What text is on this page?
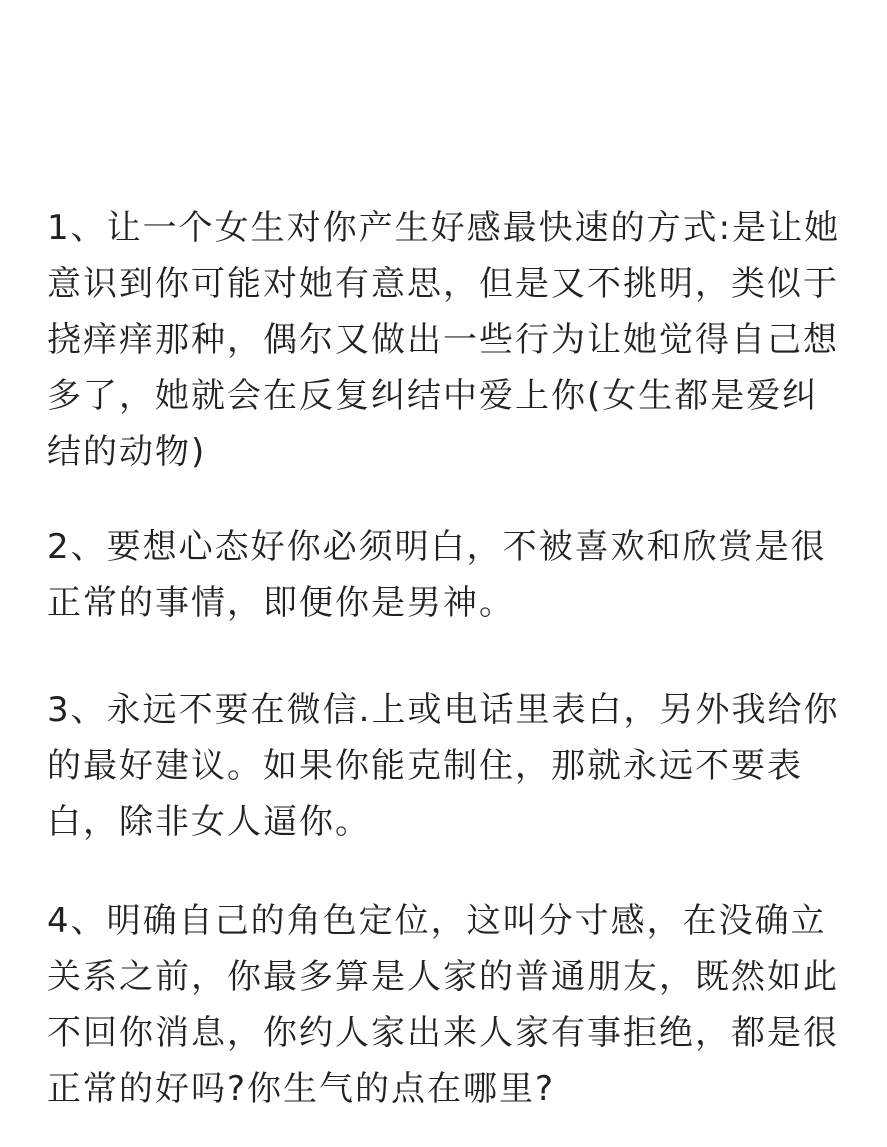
1、让一个女生对你产生好感最快速的方式:是让她
意识到你可能对她有意思，但是又不挑明，类似于
挠痒痒那种，偶尔又做出一些行为让她觉得自己想
多了，她就会在反复纠结中爱上你(女生都是爱纠
结的动物)

2、要想心态好你必须明白，不被喜欢和欣赏是很
正常的事情，即便你是男神。

3、永远不要在微信.上或电话里表白，另外我给你
的最好建议。如果你能克制住，那就永远不要表
白，除非女人逼你。

4、明确自己的角色定位，这叫分寸感，在没确立
关系之前，你最多算是人家的普通朋友，既然如此
不回你消息，你约人家出来人家有事拒绝，都是很
正常的好吗?你生气的点在哪里?
